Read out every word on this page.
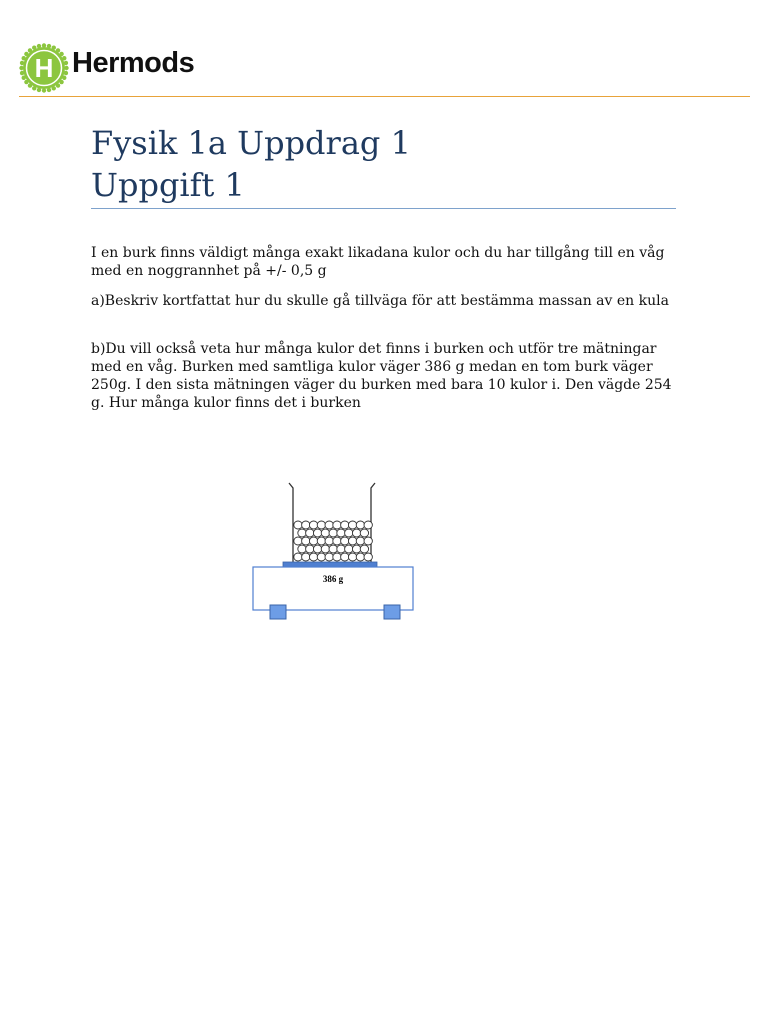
H Hermods
Fysik 1a Uppdrag 1
Uppgift 1
I en burk finns väldigt många exakt likadana kulor och du har tillgång till en våg med en noggrannhet på +/- 0,5 g
a)Beskriv kortfattat hur du skulle gå tillväga för att bestämma massan av en kula
b)Du vill också veta hur många kulor det finns i burken och utför tre mätningar med en våg. Burken med samtliga kulor väger 386 g medan en tom burk väger 250g. I den sista mätningen väger du burken med bara 10 kulor i. Den vägde 254 g. Hur många kulor finns det i burken
386 g
